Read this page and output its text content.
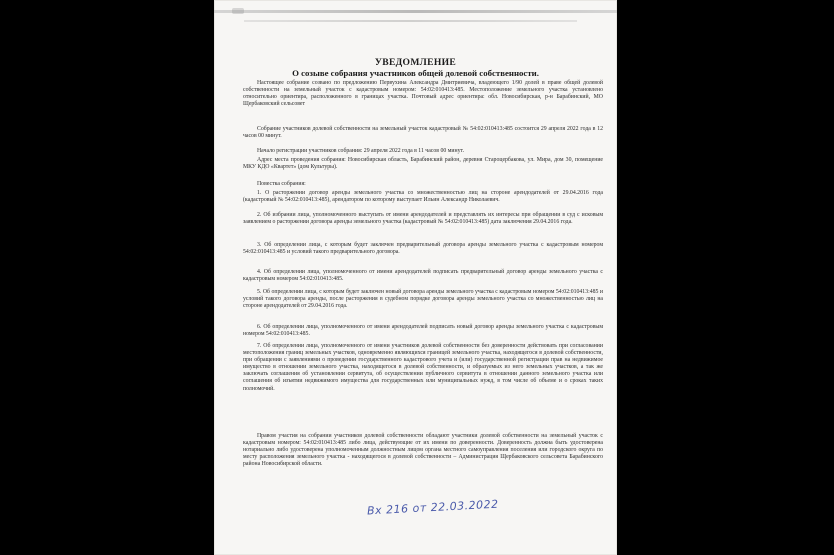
УВЕДОМЛЕНИЕ
О созыве собрания участников общей долевой собственности.
Настоящее собрание созвано по предложению Первухина Александра Дмитриевича, владеющего 1/90 долей в праве общей долевой собственности на земельный участок с кадастровым номером: 54:02:010413:485. Местоположение земельного участка установлено относительно ориентира, расположенного в границах участка. Почтовый адрес ориентира: обл. Новосибирская, р-н Барабинский, МО Щербаковский сельсовет
Собрание участников долевой собственности на земельный участок кадастровый № 54:02:010413:485 состоится 29 апреля 2022 года в 12 часов 00 минут.
Начало регистрации участников собрания: 29 апреля 2022 года в 11 часов 00 минут.
Адрес места проведения собрания: Новосибирская область, Барабинский район, деревня Староцербакова, ул. Мира, дом 30, помещение МКУ КДО «Квартет» (дом Культуры).
Повестка собрания:
1. О расторжении договор аренды земельного участка со множественностью лиц на стороне арендодателей от 29.04.2016 года (кадастровый № 54:02:010413:485), арендатором по которому выступает Ильин Александр Николаевич.
2. Об избрании лица, уполномоченного выступать от имени арендодателей и представлять их интересы при обращении в суд с исковым заявлением о расторжении договора аренды земельного участка (кадастровый № 54:02:010413:485) дата заключения 29.04.2016 года.
3. Об определении лица, с которым будет заключен предварительный договора аренды земельного участка с кадастровым номером 54:02:010413:485 и условий такого предварительного договора.
4. Об определении лица, уполномоченного от имени арендодателей подписать предварительный договор аренды земельного участка с кадастровым номером 54:02:010413:485.
5. Об определении лица, с которым будет заключен новый договора аренды земельного участка с кадастровым номером 54:02:010413:485 и условий такого договора аренды, после расторжения в судебном порядке договора аренды земельного участка со множественностью лиц на стороне арендодателей от 29.04.2016 года.
6. Об определении лица, уполномоченного от имени арендодателей подписать новый договор аренды земельного участка с кадастровым номером 54:02:010413:485.
7. Об определении лица, уполномоченного от имени участников долевой собственности без доверенности действовать при согласовании местоположения границ земельных участков, одновременно являющихся границей земельного участка, находящегося в долевой собственности, при обращении с заявлениями о проведении государственного кадастрового учета и (или) государственной регистрации прав на недвижимое имущество в отношении земельного участка, находящегося в долевой собственности, и образуемых из него земельных участков, а так же заключать соглашения об установлении сервитута, об осуществлении публичного сервитута в отношении данного земельного участка или соглашения об изъятии недвижимого имущества для государственных или муниципальных нужд, в том числе об объеме и о сроках таких полномочий.
Правом участия на собрании участников долевой собственности обладают участники долевой собственности на земельный участок с кадастровым номером: 54:02:010413:485 либо лица, действующие от их имени по доверенности. Доверенность должна быть удостоверена нотариально либо удостоверена уполномоченным должностным лицом органа местного самоуправления поселения или городского округа по месту расположения земельного участка - находящегося в долевой собственности – Администрация Щербаковского сельсовета Барабинского района Новосибирской области.
Вх 216 от 22.03.2022
